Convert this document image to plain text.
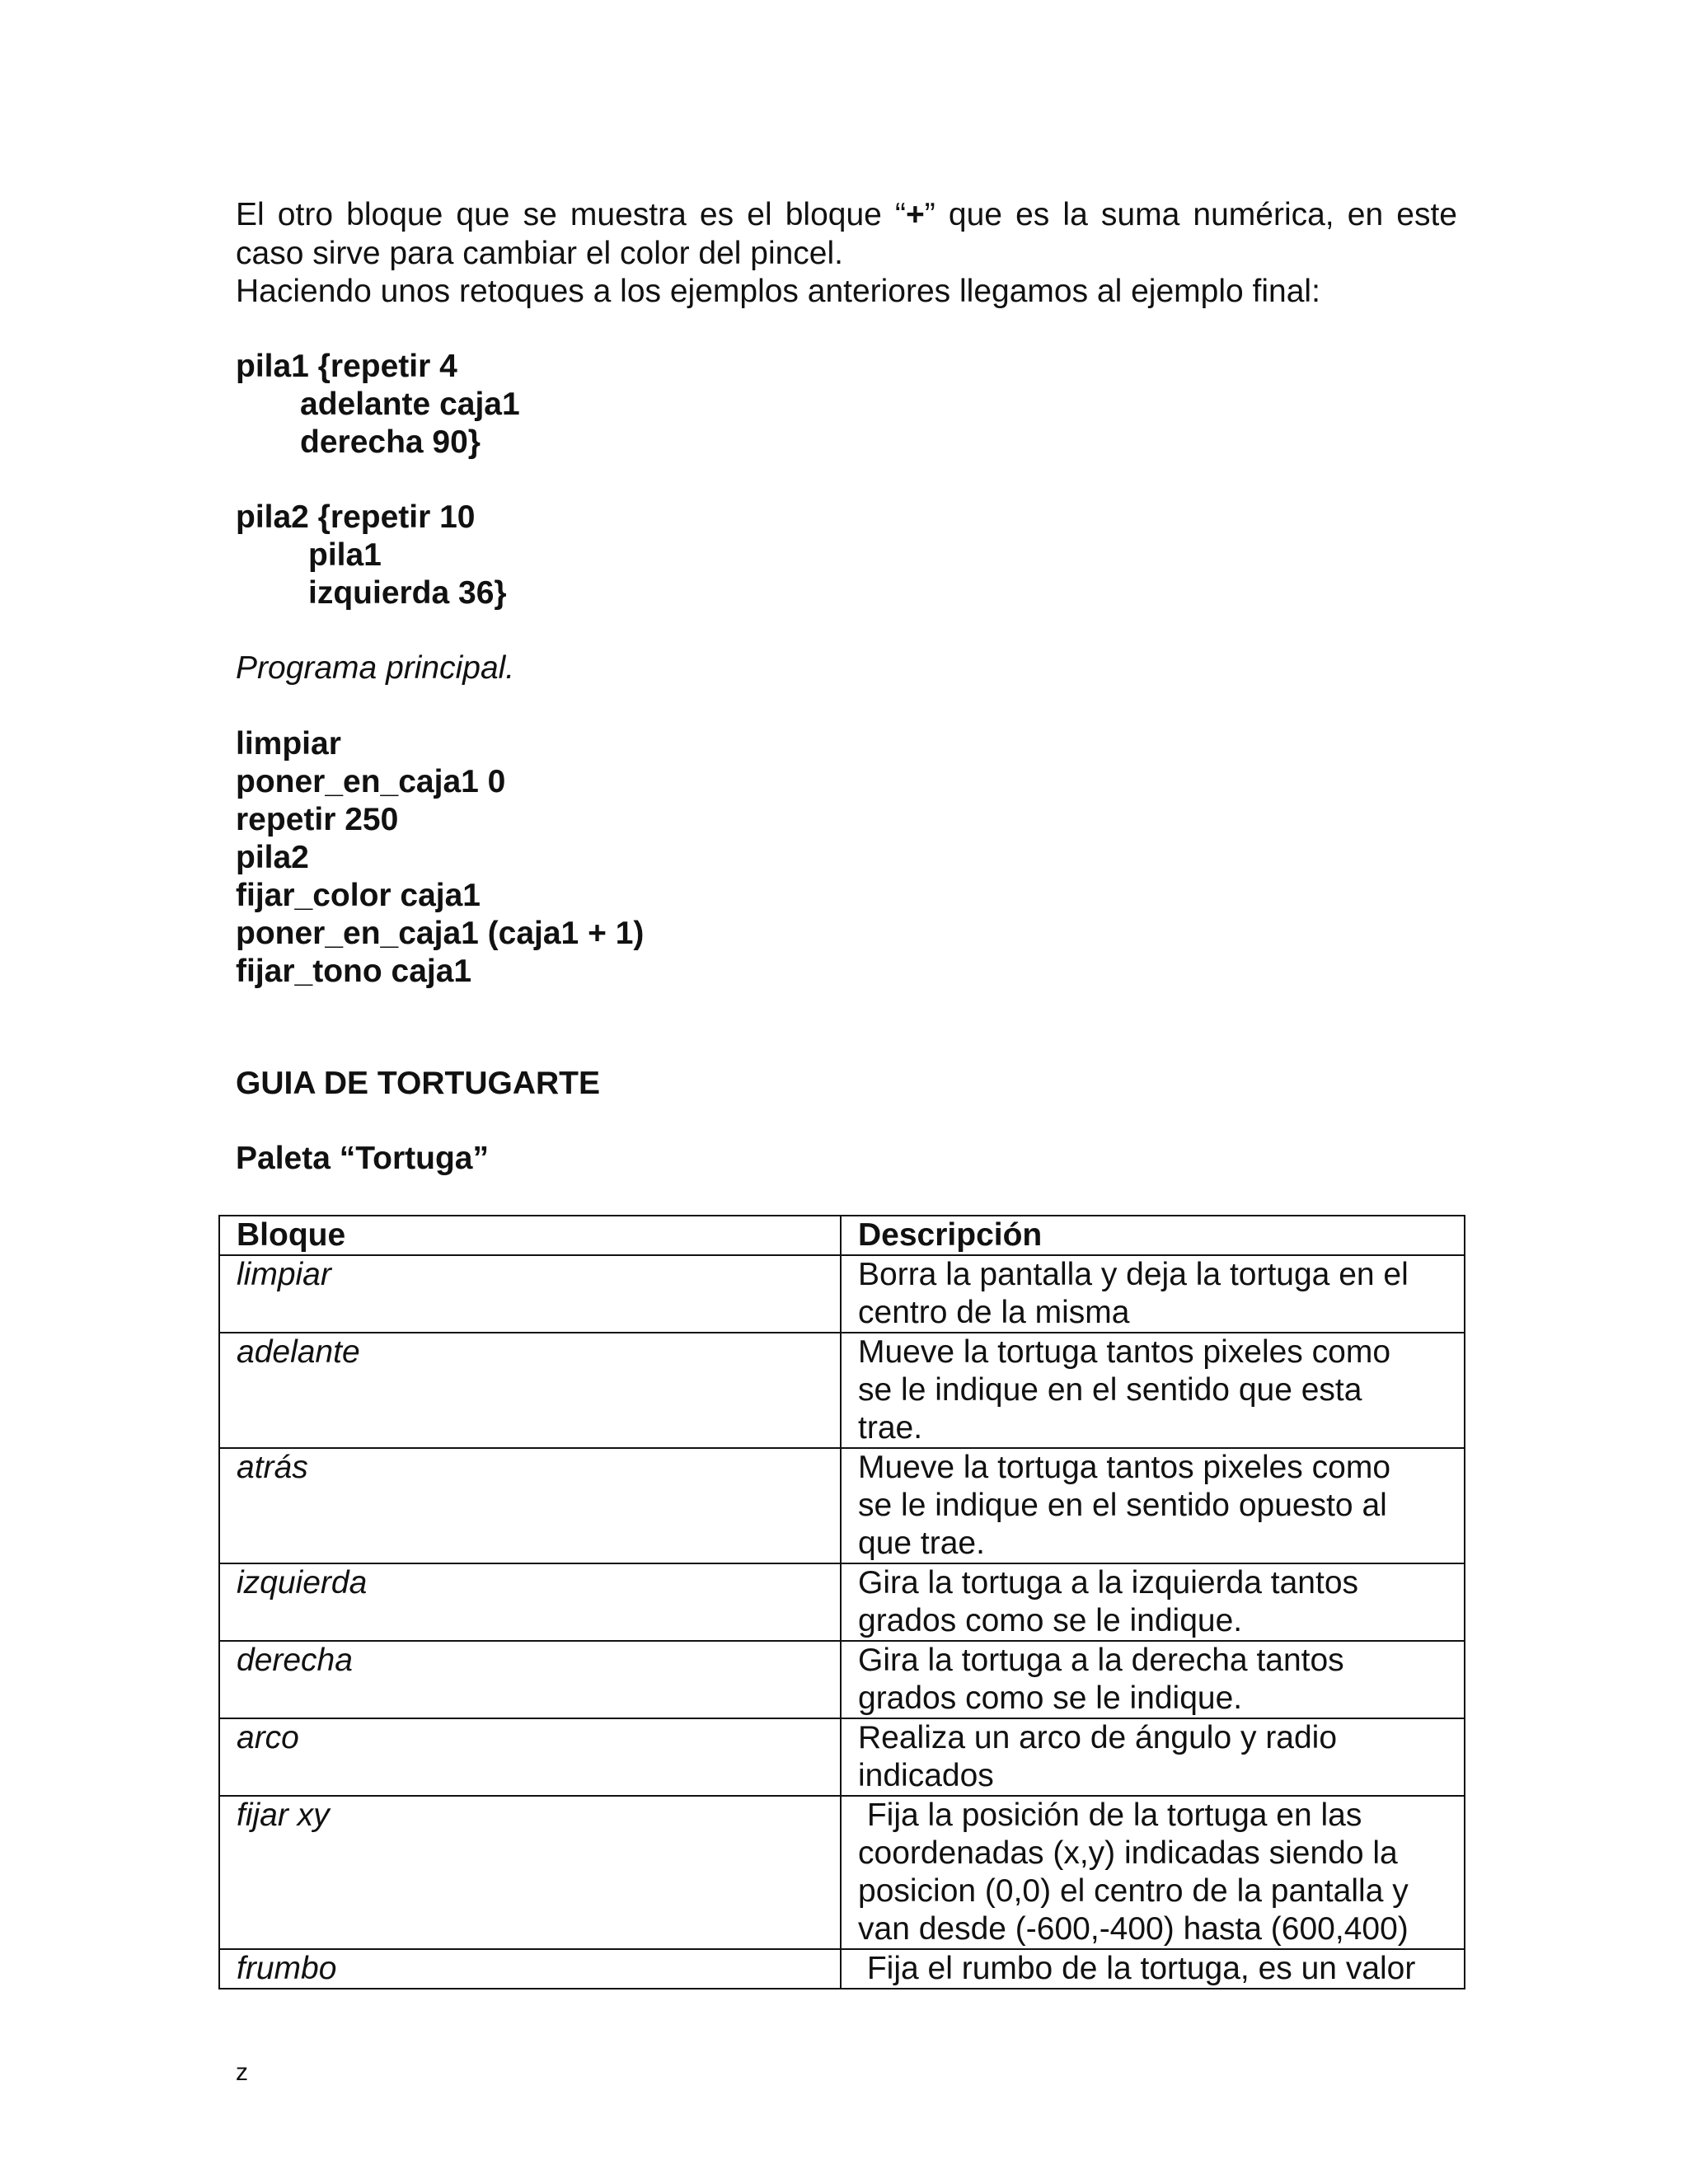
El otro bloque que se muestra es el bloque “+” que es la suma numérica, en este
caso sirve para cambiar el color del pincel.
Haciendo unos retoques a los ejemplos anteriores llegamos al ejemplo final:
pila1 {repetir 4
adelante caja1
derecha 90}
pila2 {repetir 10
pila1
izquierda 36}
Programa principal.
limpiar
poner_en_caja1 0
repetir 250
pila2
fijar_color caja1
poner_en_caja1 (caja1 + 1)
fijar_tono caja1
GUIA DE TORTUGARTE
Paleta “Tortuga”
Bloque	Descripción
limpiar	Borra la pantalla y deja la tortuga en el
centro de la misma

adelante	Mueve la tortuga tantos pixeles como
se le indique en el sentido que esta
trae.

atrás	Mueve la tortuga tantos pixeles como
se le indique en el sentido opuesto al
que trae.

izquierda	Gira la tortuga a la izquierda tantos
grados como se le indique.

derecha	Gira la tortuga a la derecha tantos
grados como se le indique.

arco	Realiza un arco de ángulo y radio
indicados

fijar xy	Fija la posición de la tortuga en las
coordenadas (x,y) indicadas siendo la
posicion (0,0) el centro de la pantalla y
van desde (-600,-400) hasta (600,400)

frumbo	Fija el rumbo de la tortuga, es un valor
z
